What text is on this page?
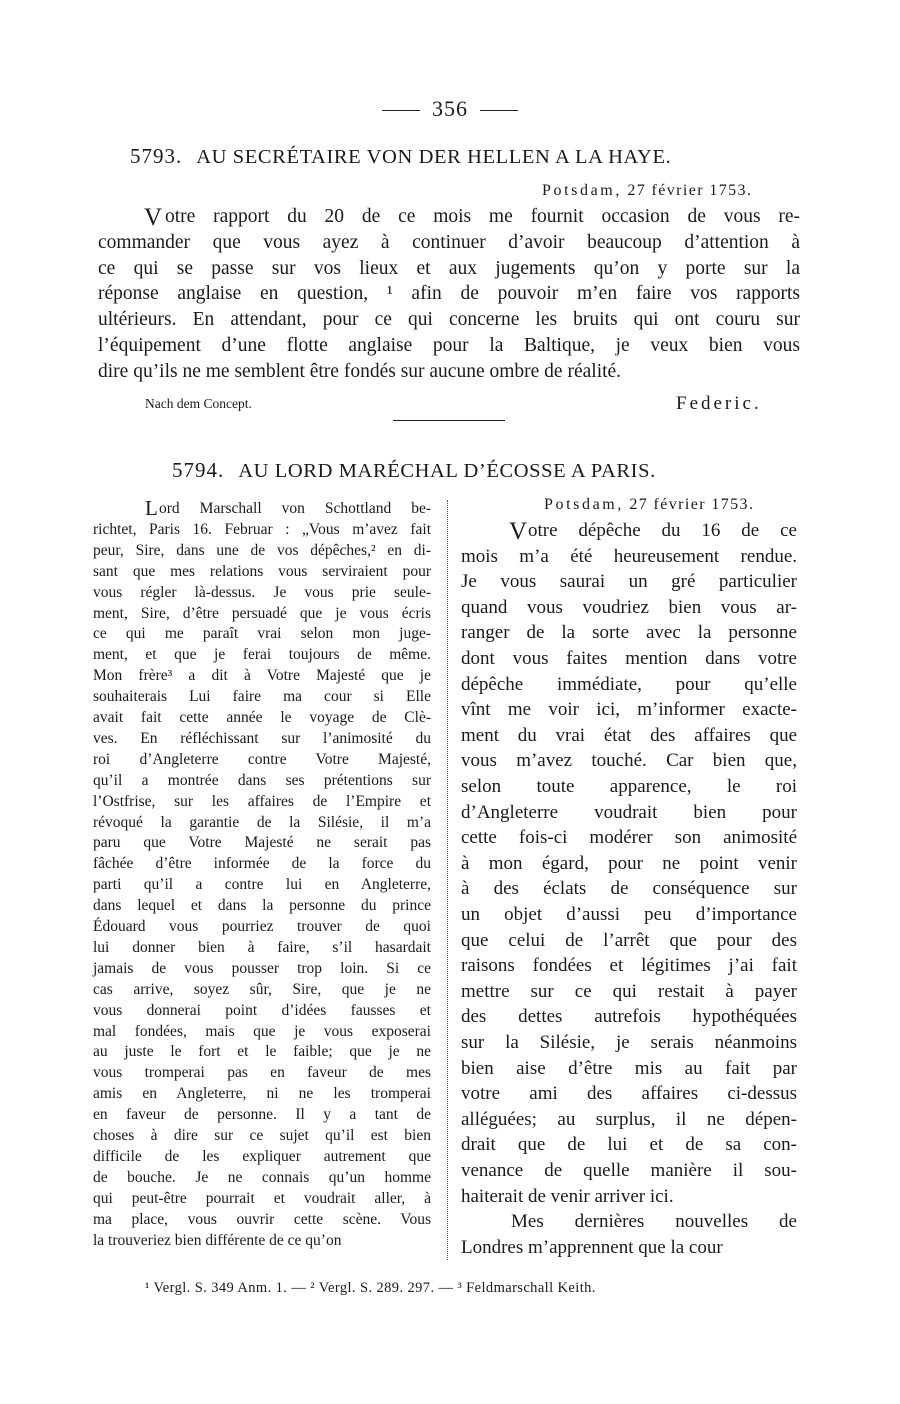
356
5793. AU SECRÉTAIRE VON DER HELLEN A LA HAYE.
Potsdam, 27 février 1753.
V otre rapport du 20 de ce mois me fournit occasion de vous re-
commander que vous ayez à continuer d’avoir beaucoup d’attention à
ce qui se passe sur vos lieux et aux jugements qu’on y porte sur la
réponse anglaise en question, ¹ afin de pouvoir m’en faire vos rapports
ultérieurs. En attendant, pour ce qui concerne les bruits qui ont couru sur
l’équipement d’une flotte anglaise pour la Baltique, je veux bien vous
dire qu’ils ne me semblent être fondés sur aucune ombre de réalité.
Nach dem Concept.	Federic.
5794. AU LORD MARÉCHAL D’ÉCOSSE A PARIS.
Potsdam, 27 février 1753.
L ord Marschall von Schottland be-
richtet, Paris 16. Februar : „Vous m’avez fait
peur, Sire, dans une de vos dépêches,² en di-
sant que mes relations vous serviraient pour
vous régler là-dessus. Je vous prie seule-
ment, Sire, d’être persuadé que je vous écris
ce qui me paraît vrai selon mon juge-
ment, et que je ferai toujours de même.
Mon frère³ a dit à Votre Majesté que je
souhaiterais Lui faire ma cour si Elle
avait fait cette année le voyage de Clè-
ves. En réfléchissant sur l’animosité du
roi d’Angleterre contre Votre Majesté,
qu’il a montrée dans ses prétentions sur
l’Ostfrise, sur les affaires de l’Empire et
révoqué la garantie de la Silésie, il m’a
paru que Votre Majesté ne serait pas
fâchée d’être informée de la force du
parti qu’il a contre lui en Angleterre,
dans lequel et dans la personne du prince
Édouard vous pourriez trouver de quoi
lui donner bien à faire, s’il hasardait
jamais de vous pousser trop loin. Si ce
cas arrive, soyez sûr, Sire, que je ne
vous donnerai point d’idées fausses et
mal fondées, mais que je vous exposerai
au juste le fort et le faible; que je ne
vous tromperai pas en faveur de mes
amis en Angleterre, ni ne les tromperai
en faveur de personne. Il y a tant de
choses à dire sur ce sujet qu’il est bien
difficile de les expliquer autrement que
de bouche. Je ne connais qu’un homme
qui peut-être pourrait et voudrait aller, à
ma place, vous ouvrir cette scène. Vous
la trouveriez bien différente de ce qu’on
V otre dépêche du 16 de ce
mois m’a été heureusement rendue.
Je vous saurai un gré particulier
quand vous voudriez bien vous ar-
ranger de la sorte avec la personne
dont vous faites mention dans votre
dépêche immédiate, pour qu’elle
vînt me voir ici, m’informer exacte-
ment du vrai état des affaires que
vous m’avez touché. Car bien que,
selon toute apparence, le roi
d’Angleterre voudrait bien pour
cette fois-ci modérer son animosité
à mon égard, pour ne point venir
à des éclats de conséquence sur
un objet d’aussi peu d’importance
que celui de l’arrêt que pour des
raisons fondées et légitimes j’ai fait
mettre sur ce qui restait à payer
des dettes autrefois hypothéquées
sur la Silésie, je serais néanmoins
bien aise d’être mis au fait par
votre ami des affaires ci-dessus
alléguées; au surplus, il ne dépen-
drait que de lui et de sa con-
venance de quelle manière il sou-
haiterait de venir arriver ici.
Mes dernières nouvelles de
Londres m’apprennent que la cour
¹ Vergl. S. 349 Anm. 1. — ² Vergl. S. 289. 297. — ³ Feldmarschall Keith.
